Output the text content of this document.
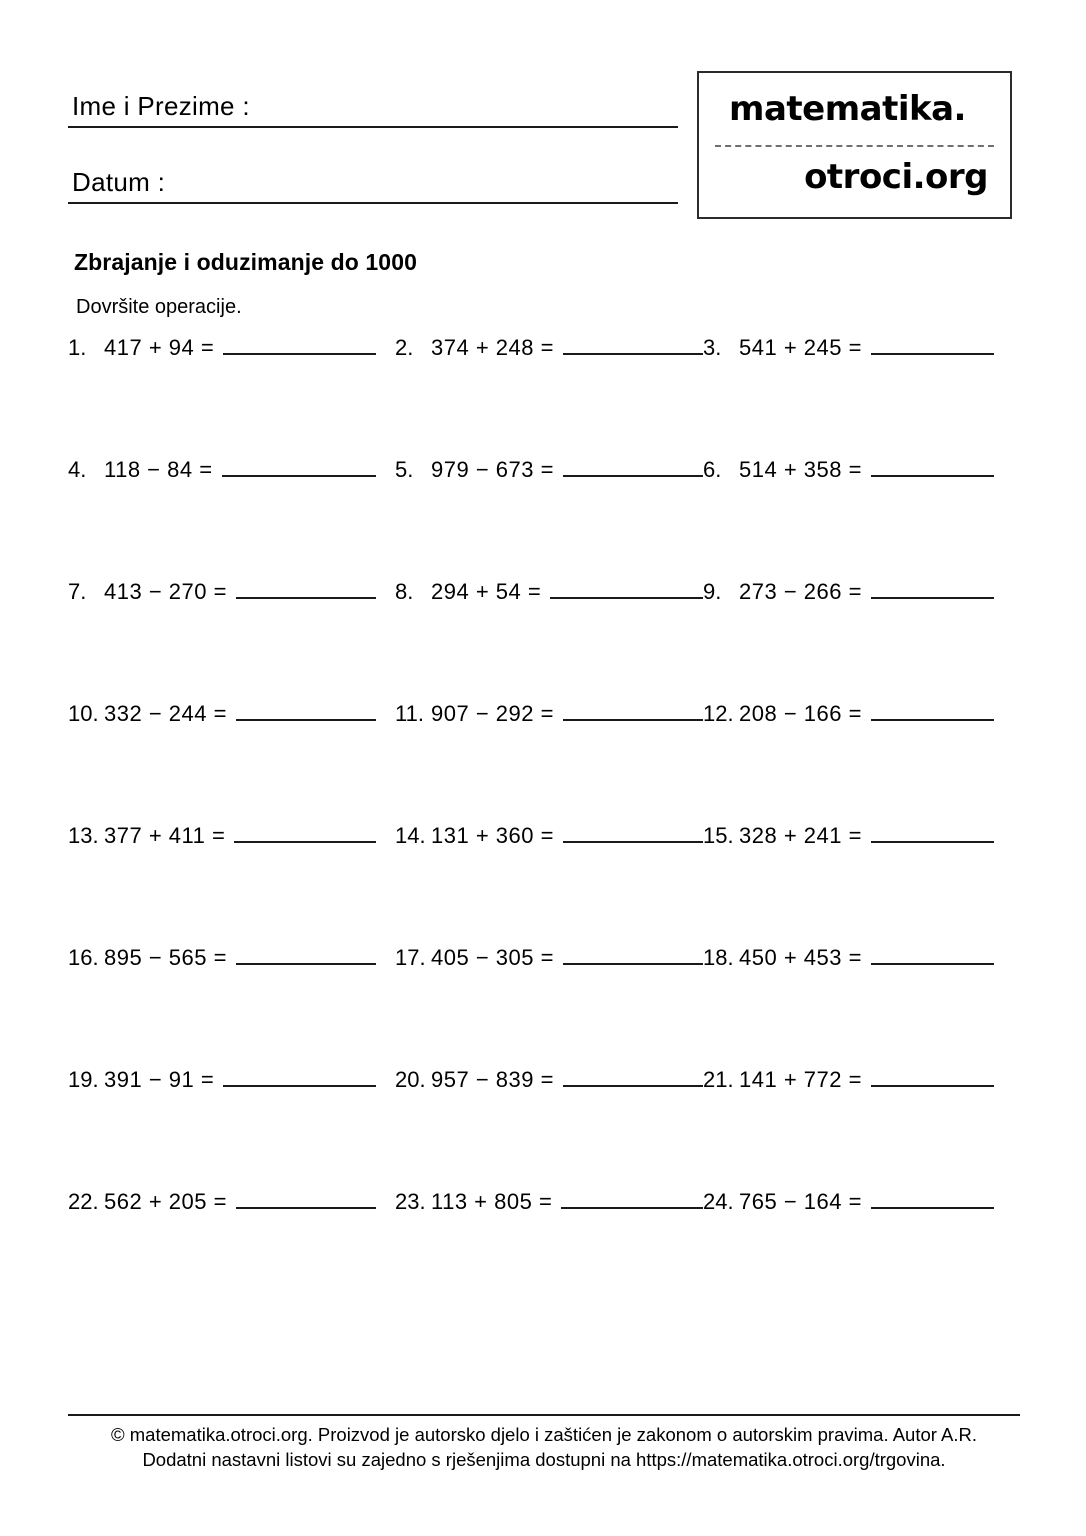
Ime i Prezime :
Datum :
matematika.
otroci.org
Zbrajanje i oduzimanje do 1000
Dovršite operacije.
1. 417 + 94 =	2. 374 + 248 =	3. 541 + 245 =
4. 118 − 84 =	5. 979 − 673 =	6. 514 + 358 =
7. 413 − 270 =	8. 294 + 54 =	9. 273 − 266 =
10. 332 − 244 =	11. 907 − 292 =	12. 208 − 166 =
13. 377 + 411 =	14. 131 + 360 =	15. 328 + 241 =
16. 895 − 565 =	17. 405 − 305 =	18. 450 + 453 =
19. 391 − 91 =	20. 957 − 839 =	21. 141 + 772 =
22. 562 + 205 =	23. 113 + 805 =	24. 765 − 164 =
© matematika.otroci.org. Proizvod je autorsko djelo i zaštićen je zakonom o autorskim pravima. Autor A.R.
Dodatni nastavni listovi su zajedno s rješenjima dostupni na https://matematika.otroci.org/trgovina.
